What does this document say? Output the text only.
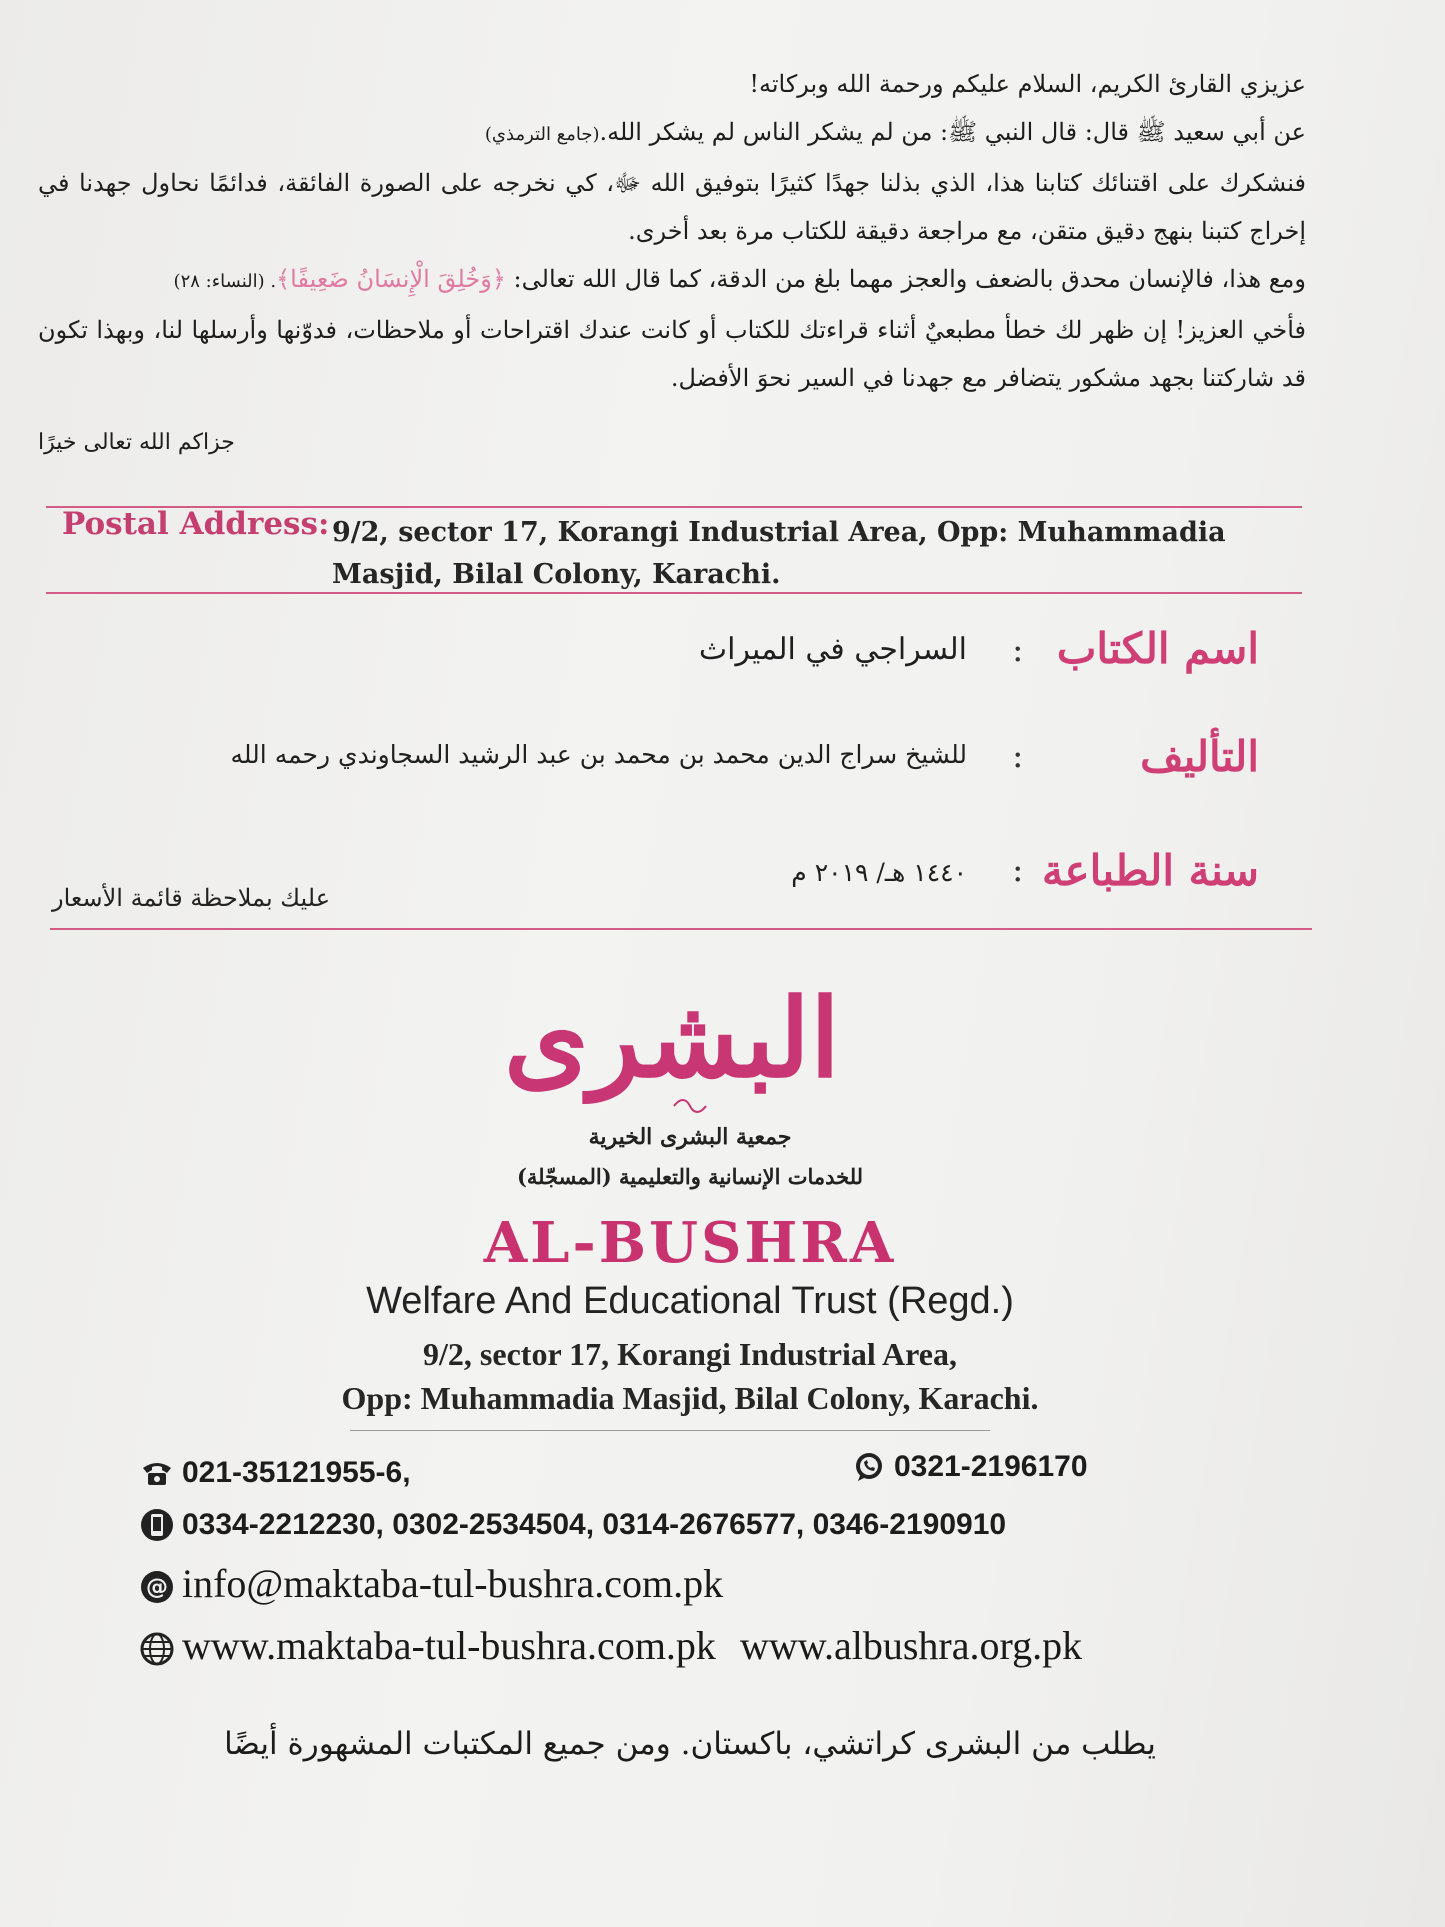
عزيزي القارئ الكريم، السلام عليكم ورحمة الله وبركاته!

عن أبي سعيد ﷺ قال: قال النبي ﷺ: من لم يشكر الناس لم يشكر الله.(جامع الترمذي)

فنشكرك على اقتنائك كتابنا هذا، الذي بذلنا جهدًا كثيرًا بتوفيق الله ﷻ، كي نخرجه على الصورة الفائقة، فدائمًا نحاول جهدنا في إخراج كتبنا بنهج دقيق متقن، مع مراجعة دقيقة للكتاب مرة بعد أخرى.

ومع هذا، فالإنسان محدق بالضعف والعجز مهما بلغ من الدقة، كما قال الله تعالى: ﴿وَخُلِقَ الْإِنسَانُ ضَعِيفًا﴾. (النساء: ٢٨)

فأخي العزيز! إن ظهر لك خطأ مطبعيٌ أثناء قراءتك للكتاب أو كانت عندك اقتراحات أو ملاحظات، فدوّنها وأرسلها لنا، وبهذا تكون قد شاركتنا بجهد مشكور يتضافر مع جهدنا في السير نحوَ الأفضل.

جزاكم الله تعالى خيرًا
Postal Address: 9/2, sector 17, Korangi Industrial Area, Opp: Muhammadia Masjid, Bilal Colony, Karachi.
اسم الكتاب
:
السراجي في الميراث
التأليف
:
للشيخ سراج الدين محمد بن محمد بن عبد الرشيد السجاوندي رحمه الله
سنة الطباعة
:
١٤٤٠ هـ/ ٢٠١٩ م
عليك بملاحظة قائمة الأسعار
البشرى
جمعية البشرى الخيرية
للخدمات الإنسانية والتعليمية (المسجّلة)
AL-BUSHRA
Welfare And Educational Trust (Regd.)
9/2, sector 17, Korangi Industrial Area,
Opp: Muhammadia Masjid, Bilal Colony, Karachi.
021-35121955-6,	0321-2196170
0334-2212230, 0302-2534504, 0314-2676577, 0346-2190910
@ info@maktaba-tul-bushra.com.pk
www.maktaba-tul-bushra.com.pk www.albushra.org.pk
يطلب من البشرى كراتشي، باكستان. ومن جميع المكتبات المشهورة أيضًا
